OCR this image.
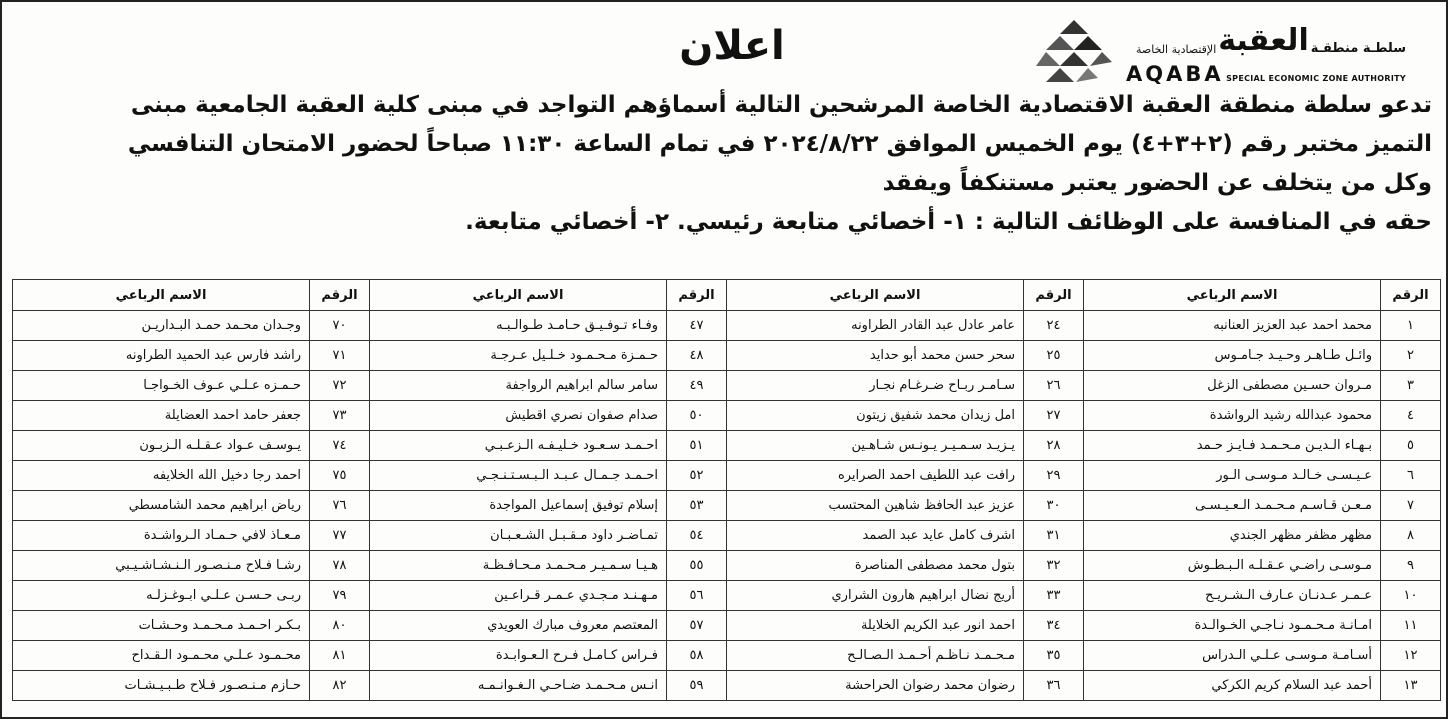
سلطـة منطقـة
العقبة
الإقتصادية الخاصة
AQABA SPECIAL ECONOMIC ZONE AUTHORITY
اعلان
تدعو سلطة منطقة العقبة الاقتصادية الخاصة المرشحين التالية أسماؤهم التواجد في مبنى كلية العقبة الجامعية مبنى
التميز مختبر رقم (٢+٣+٤) يوم الخميس الموافق ٢٠٢٤/٨/٢٢ في تمام الساعة ١١:٣٠ صباحاً لحضور الامتحان التنافسي
وكل من يتخلف عن الحضور يعتبر مستنكفاً ويفقد
حقه في المنافسة على الوظائف التالية : ١- أخصائي متابعة رئيسي. ٢- أخصائي متابعة.
الرقم	الاسم الرباعي	الرقم	الاسم الرباعي	الرقم	الاسم الرباعي	الرقم	الاسم الرباعي
١	محمد احمد عبد العزيز العنانبه	٢٤	عامر عادل عبد القادر الطراونه	٤٧	وفـاء تـوفـيـق حـامـد طـوالـبـه	٧٠	وجـدان محـمد حمـد البـداريـن
٢	وائـل طـاهـر وحـيـد جـامـوس	٢٥	سحر حسن محمد أبو حدايد	٤٨	حـمـزة مـحـمـود خـلـيل عـرجـة	٧١	راشد فارس عبد الحميد الطراونه
٣	مـروان حسـين مصطفى الزغل	٢٦	سـامـر ربـاح ضـرغـام نجـار	٤٩	سامر سالم ابراهيم الرواجفة	٧٢	حـمـزه عـلـي عـوف الخـواجـا
٤	محمود عبدالله رشيد الرواشدة	٢٧	امل زيدان محمد شفيق زيتون	٥٠	صدام صفوان نصري اقطيش	٧٣	جعفر حامد احمد العضايلة
٥	بـهـاء الـديـن مـحـمـد فـايـز حـمد	٢٨	يـزيـد سـمـيـر يـونـس شـاهـين	٥١	احـمـد سـعـود خـليـفـه الـزعـبـي	٧٤	يـوسـف عـواد عـقـلـه الـزبـون
٦	عـيـسـى خـالـد مـوسـى الـور	٢٩	رافت عبد اللطيف احمد الصرايره	٥٢	احـمـد جـمـال عـبـد الـبـسـتـنـجـي	٧٥	احمد رجا دخيل الله الخلايفه
٧	مـعـن قـاسـم مـحـمـد الـعـيـسـى	٣٠	عزيز عبد الحافظ شاهين المحتسب	٥٣	إسلام توفيق إسماعيل المواجدة	٧٦	رياض ابراهيم محمد الشامسطي
٨	مظهر مظفر مظهر الجندي	٣١	اشرف كامل عايد عبد الصمد	٥٤	تمـاضـر داود مـقـبـل الشـعـبـان	٧٧	مـعـاذ لافي حـمـاد الـرواشـدة
٩	مـوسـى راضـي عـقـلـه الـبـطـوش	٣٢	بتول محمد مصطفى المناصرة	٥٥	هـيـا سـمـيـر مـحـمـد مـحـافـظـة	٧٨	رشـا فـلاح مـنـصـور الـنـشـاشـيـبي
١٠	عـمـر عـدنـان عـارف الـشـريـح	٣٣	أريج نضال ابراهيم هارون الشراري	٥٦	مـهـنـد مـجـدي عـمـر قـراعـين	٧٩	ربـى حـسـن عـلـي ابـوغـزلـه
١١	امـانـة مـحـمـود نـاجـي الخـوالـدة	٣٤	احمد انور عبد الكريم الخلايلة	٥٧	المعتصم معروف مبارك العويدي	٨٠	بـكـر احـمـد مـحـمـد وحـشـات
١٢	أسـامـة مـوسـى عـلـي الـدراس	٣٥	مـحـمـد نـاظـم أحـمـد الـصـالـح	٥٨	فـراس كـامـل فـرح الـعـوابـدة	٨١	محـمـود عـلـي محـمـود الـقـداح
١٣	أحمد عبد السلام كريم الكركي	٣٦	رضوان محمد رضوان الحراحشة	٥٩	انـس مـحـمـد ضـاحـي الـغـوانـمـه	٨٢	حـازم مـنـصـور فـلاح طـبـيـشـات
